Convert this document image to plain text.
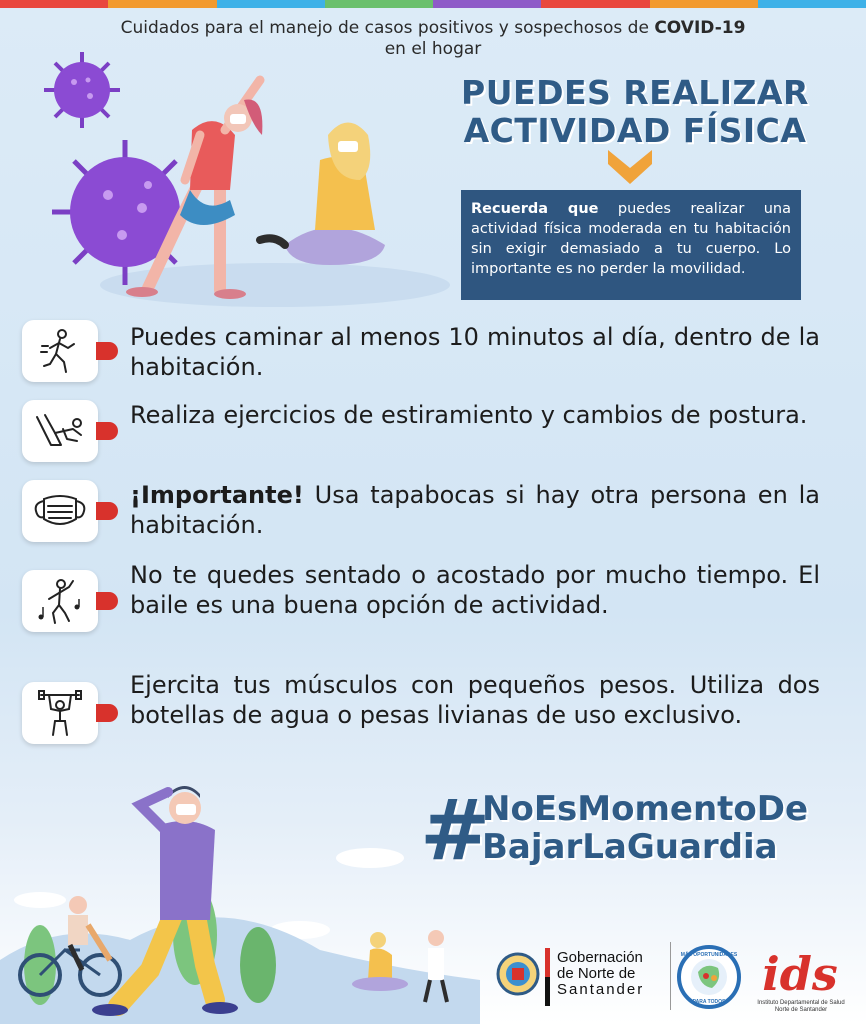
Cuidados para el manejo de casos positivos y sospechosos de COVID-19
en el hogar
PUEDES REALIZAR
ACTIVIDAD FÍSICA
Recuerda que puedes realizar una actividad física moderada en tu habitación sin exigir demasiado a tu cuerpo. Lo importante es no perder la movilidad.
Puedes caminar al menos 10 minutos al día, dentro de la habitación.
Realiza ejercicios de estiramiento y cambios de postura.
¡Importante! Usa tapabocas si hay otra persona en la habitación.
No te quedes sentado o acostado por mucho tiempo. El baile es una buena opción de actividad.
Ejercita tus músculos con pequeños pesos. Utiliza dos botellas de agua o pesas livianas de uso exclusivo.
#
NoEsMomentoDe
BajarLaGuardia
Gobernación
de Norte de
Santander
MÁS OPORTUNIDADES
PARA TODOS
ids
Instituto Departamental de Salud
Norte de Santander
